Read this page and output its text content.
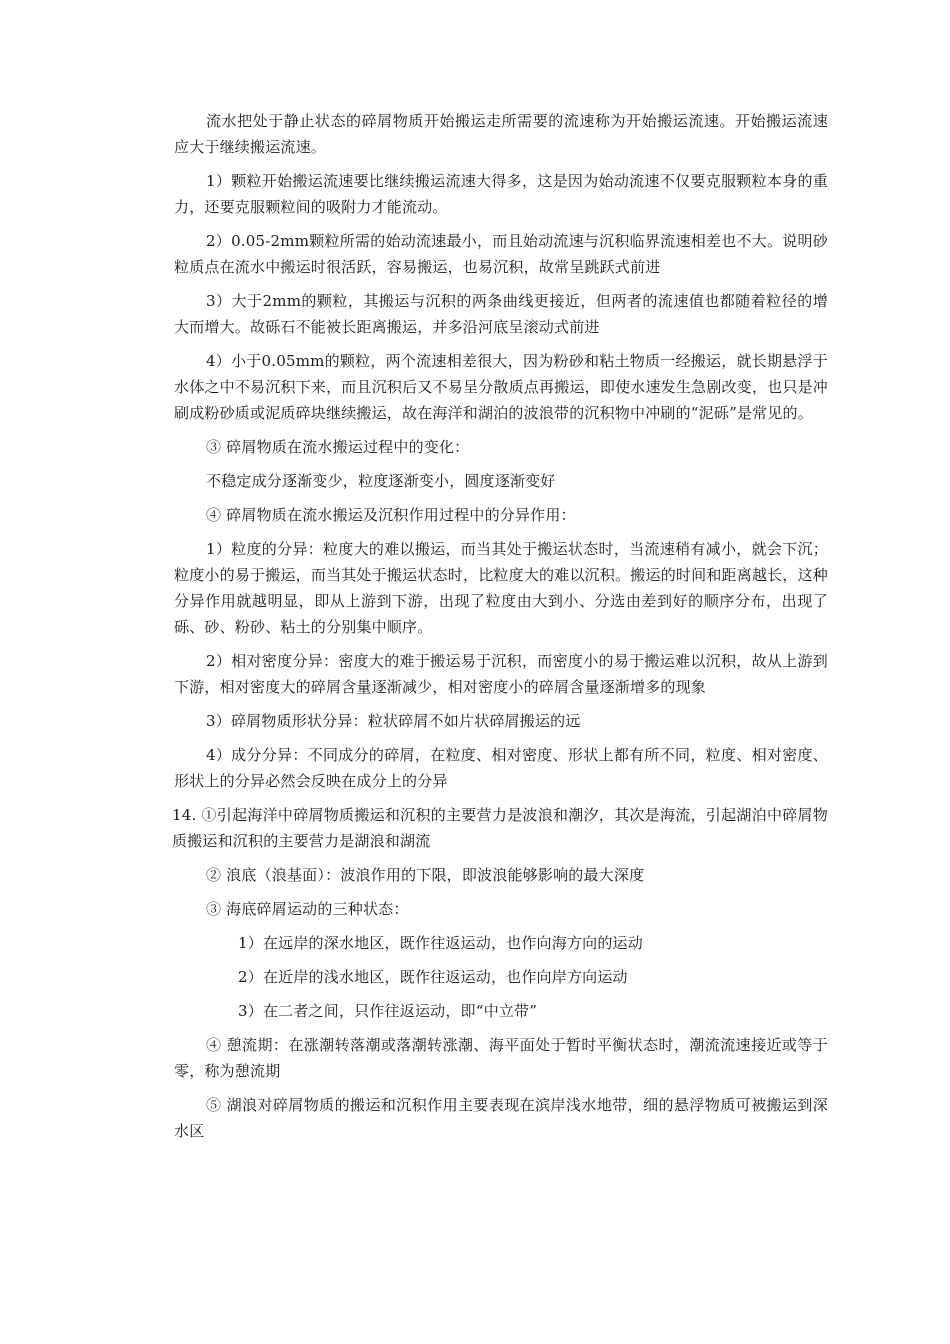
流水把处于静止状态的碎屑物质开始搬运走所需要的流速称为开始搬运流速。开始搬运流速应大于继续搬运流速。

1）颗粒开始搬运流速要比继续搬运流速大得多，这是因为始动流速不仅要克服颗粒本身的重力，还要克服颗粒间的吸附力才能流动。

2）0.05-2mm颗粒所需的始动流速最小，而且始动流速与沉积临界流速相差也不大。说明砂粒质点在流水中搬运时很活跃，容易搬运，也易沉积，故常呈跳跃式前进

3）大于2mm的颗粒，其搬运与沉积的两条曲线更接近，但两者的流速值也都随着粒径的增大而增大。故砾石不能被长距离搬运，并多沿河底呈滚动式前进

4）小于0.05mm的颗粒，两个流速相差很大，因为粉砂和粘土物质一经搬运，就长期悬浮于水体之中不易沉积下来，而且沉积后又不易呈分散质点再搬运，即使水速发生急剧改变，也只是冲刷成粉砂质或泥质碎块继续搬运，故在海洋和湖泊的波浪带的沉积物中冲刷的“泥砾”是常见的。

③ 碎屑物质在流水搬运过程中的变化：

不稳定成分逐渐变少，粒度逐渐变小，圆度逐渐变好

④ 碎屑物质在流水搬运及沉积作用过程中的分异作用：

1）粒度的分异：粒度大的难以搬运，而当其处于搬运状态时，当流速稍有减小，就会下沉；粒度小的易于搬运，而当其处于搬运状态时，比粒度大的难以沉积。搬运的时间和距离越长，这种分异作用就越明显，即从上游到下游，出现了粒度由大到小、分选由差到好的顺序分布，出现了砾、砂、粉砂、粘土的分别集中顺序。

2）相对密度分异：密度大的难于搬运易于沉积，而密度小的易于搬运难以沉积，故从上游到下游，相对密度大的碎屑含量逐渐减少，相对密度小的碎屑含量逐渐增多的现象

3）碎屑物质形状分异：粒状碎屑不如片状碎屑搬运的远

4）成分分异：不同成分的碎屑，在粒度、相对密度、形状上都有所不同，粒度、相对密度、形状上的分异必然会反映在成分上的分异

14. ①引起海洋中碎屑物质搬运和沉积的主要营力是波浪和潮汐，其次是海流，引起湖泊中碎屑物质搬运和沉积的主要营力是湖浪和湖流

② 浪底（浪基面）：波浪作用的下限，即波浪能够影响的最大深度

③ 海底碎屑运动的三种状态：

1）在远岸的深水地区，既作往返运动，也作向海方向的运动

2）在近岸的浅水地区，既作往返运动，也作向岸方向运动

3）在二者之间，只作往返运动，即“中立带”

④ 憩流期：在涨潮转落潮或落潮转涨潮、海平面处于暂时平衡状态时，潮流流速接近或等于零，称为憩流期

⑤ 湖浪对碎屑物质的搬运和沉积作用主要表现在滨岸浅水地带，细的悬浮物质可被搬运到深水区
